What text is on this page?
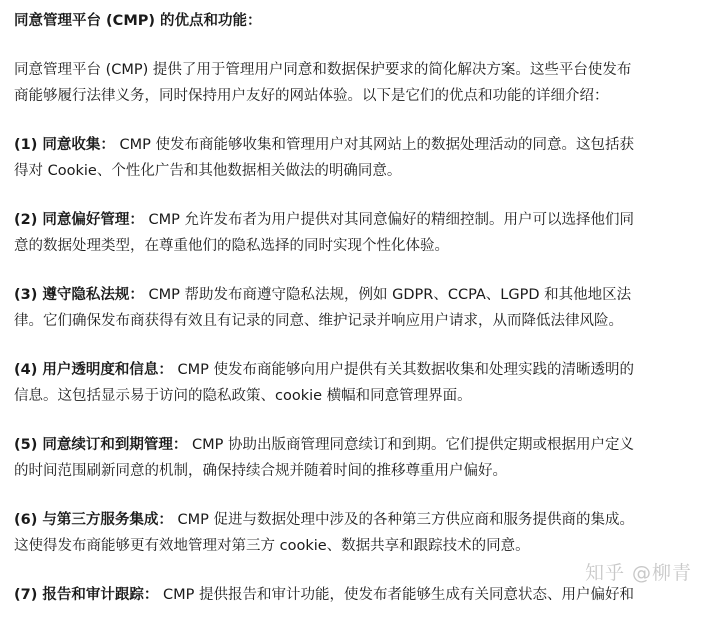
同意管理平台 (CMP) 的优点和功能：
同意管理平台 (CMP) 提供了用于管理用户同意和数据保护要求的简化解决方案。这些平台使发布
商能够履行法律义务，同时保持用户友好的网站体验。以下是它们的优点和功能的详细介绍：
(1) 同意收集： CMP 使发布商能够收集和管理用户对其网站上的数据处理活动的同意。这包括获
得对 Cookie、个性化广告和其他数据相关做法的明确同意。
(2) 同意偏好管理： CMP 允许发布者为用户提供对其同意偏好的精细控制。用户可以选择他们同
意的数据处理类型，在尊重他们的隐私选择的同时实现个性化体验。
(3) 遵守隐私法规： CMP 帮助发布商遵守隐私法规，例如 GDPR、CCPA、LGPD 和其他地区法
律。它们确保发布商获得有效且有记录的同意、维护记录并响应用户请求，从而降低法律风险。
(4) 用户透明度和信息： CMP 使发布商能够向用户提供有关其数据收集和处理实践的清晰透明的
信息。这包括显示易于访问的隐私政策、cookie 横幅和同意管理界面。
(5) 同意续订和到期管理： CMP 协助出版商管理同意续订和到期。它们提供定期或根据用户定义
的时间范围刷新同意的机制，确保持续合规并随着时间的推移尊重用户偏好。
(6) 与第三方服务集成： CMP 促进与数据处理中涉及的各种第三方供应商和服务提供商的集成。
这使得发布商能够更有效地管理对第三方 cookie、数据共享和跟踪技术的同意。
(7) 报告和审计跟踪： CMP 提供报告和审计功能，使发布者能够生成有关同意状态、用户偏好和
知乎 @柳青
